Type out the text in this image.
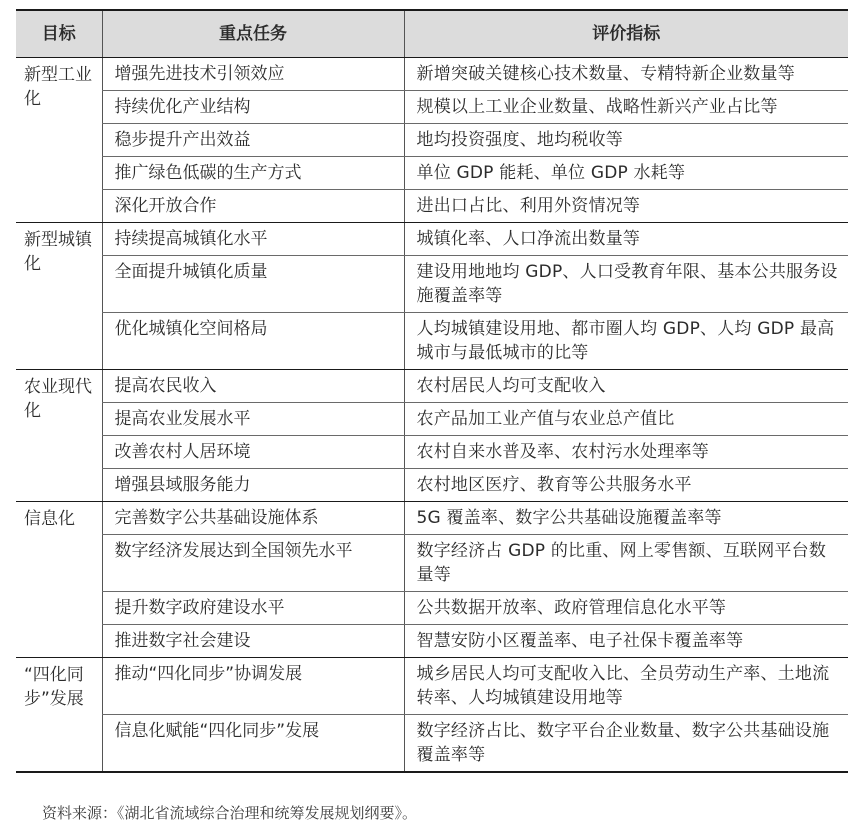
目标	重点任务	评价指标
新型工业化	增强先进技术引领效应	新增突破关键核心技术数量、专精特新企业数量等
	持续优化产业结构	规模以上工业企业数量、战略性新兴产业占比等
	稳步提升产出效益	地均投资强度、地均税收等
	推广绿色低碳的生产方式	单位 GDP 能耗、单位 GDP 水耗等
	深化开放合作	进出口占比、利用外资情况等
新型城镇化	持续提高城镇化水平	城镇化率、人口净流出数量等
	全面提升城镇化质量	建设用地地均 GDP、人口受教育年限、基本公共服务设施覆盖率等
	优化城镇化空间格局	人均城镇建设用地、都市圈人均 GDP、人均 GDP 最高城市与最低城市的比等
农业现代化	提高农民收入	农村居民人均可支配收入
	提高农业发展水平	农产品加工业产值与农业总产值比
	改善农村人居环境	农村自来水普及率、农村污水处理率等
	增强县域服务能力	农村地区医疗、教育等公共服务水平
信息化	完善数字公共基础设施体系	5G 覆盖率、数字公共基础设施覆盖率等
	数字经济发展达到全国领先水平	数字经济占 GDP 的比重、网上零售额、互联网平台数量等
	提升数字政府建设水平	公共数据开放率、政府管理信息化水平等
	推进数字社会建设	智慧安防小区覆盖率、电子社保卡覆盖率等
“四化同步”发展	推动“四化同步”协调发展	城乡居民人均可支配收入比、全员劳动生产率、土地流转率、人均城镇建设用地等
	信息化赋能“四化同步”发展	数字经济占比、数字平台企业数量、数字公共基础设施覆盖率等
资料来源：《湖北省流域综合治理和统筹发展规划纲要》。
